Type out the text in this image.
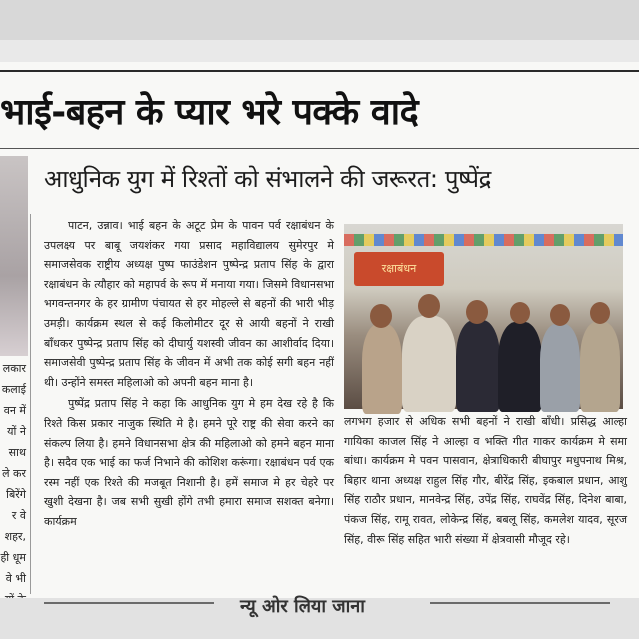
भाई-बहन के प्यार भरे पक्के वादे
लकार
कलाई
वन में
यों ने
साथ
ले कर
बिरेंगे
र वे
शहर,
ही धूम
वे भी
आधुनिक युग में रिश्तों को संभालने की जरूरत: पुष्पेंद्र

पाटन, उन्नाव। भाई बहन के अटूट प्रेम के पावन पर्व रक्षाबंधन के उपलक्ष्य पर बाबू जयशंकर गया प्रसाद महाविद्यालय सुमेरपुर मे समाजसेवक राष्ट्रीय अध्यक्ष पुष्प फाउंडेशन पुष्पेन्द्र प्रताप सिंह के द्वारा रक्षाबंधन के त्यौहार को महापर्व के रूप में मनाया गया। जिसमे विधानसभा भगवन्तनगर के हर ग्रामीण पंचायत से हर मोहल्ले से बहनों की भारी भीड़ उमड़ी। कार्यक्रम स्थल से कई किलोमीटर दूर से आयी बहनों ने राखी बाँधकर पुष्पेन्द्र प्रताप सिंह को दीघार्यु यशस्वी जीवन का आशीर्वाद दिया। समाजसेवी पुष्पेन्द्र प्रताप सिंह के जीवन में अभी तक कोई सगी बहन नहीं थी। उन्होंने समस्त महिलाओ को अपनी बहन माना है।

पुष्पेंद्र प्रताप सिंह ने कहा कि आधुनिक युग मे हम देख रहे है कि रिश्ते किस प्रकार नाजुक स्थिति मे है। हमने पूरे राष्ट्र की सेवा करने का संकल्प लिया है। हमने विधानसभा क्षेत्र की महिलाओ को हमने बहन माना है। सदैव एक भाई का फर्ज निभाने की कोशिश करूंगा। रक्षाबंधन पर्व एक रस्म नहीं एक रिश्ते की मजबूत निशानी है। हमें समाज मे हर चेहरे पर खुशी देखना है। जब सभी सुखी होंगे तभी हमारा समाज सशक्त बनेगा। कार्यक्रम

रक्षाबंधन
लगभग हजार से अधिक सभी बहनों ने राखी बाँधी। प्रसिद्ध आल्हा गायिका काजल सिंह ने आल्हा व भक्ति गीत गाकर कार्यक्रम मे समा बांधा। कार्यक्रम मे पवन पासवान, क्षेत्राधिकारी बीघापुर मधुपनाथ मिश्र, बिहार थाना अध्यक्ष राहुल सिंह गौर, बीरेंद्र सिंह, इकबाल प्रधान, आशु सिंह राठौर प्रधान, मानवेन्द्र सिंह, उपेंद्र सिंह, राघवेंद्र सिंह, दिनेश बाबा, पंकज सिंह, रामू रावत, लोकेन्द्र सिंह, बबलू सिंह, कमलेश यादव, सूरज सिंह, वीरू सिंह सहित भारी संख्या में क्षेत्रवासी मौजूद रहे।
न्यू ओर लिया जाना
